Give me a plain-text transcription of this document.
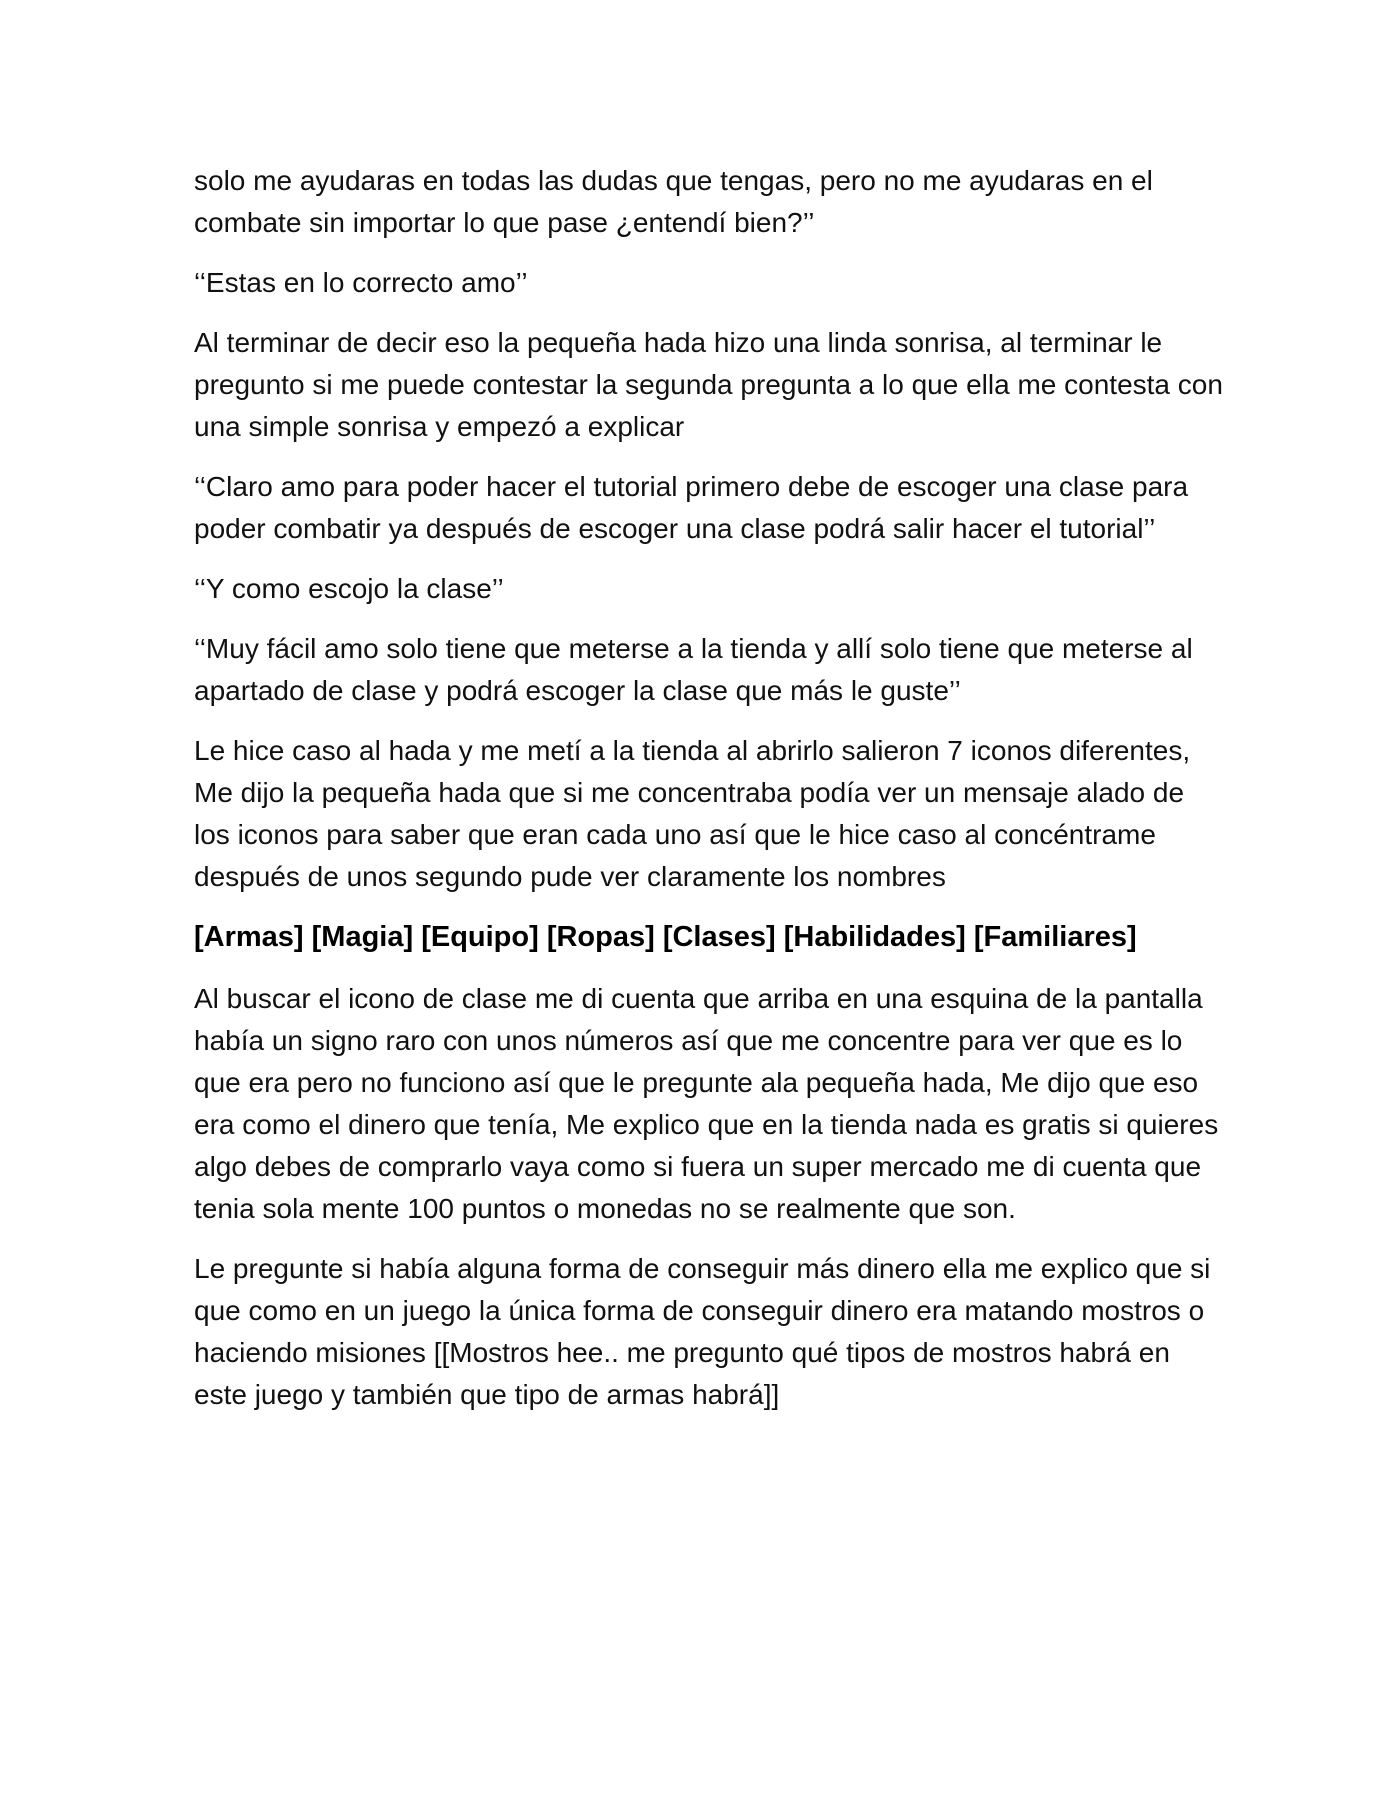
solo me ayudaras en todas las dudas que tengas, pero no me ayudaras en el combate sin importar lo que pase ¿entendí bien?’’

‘‘Estas en lo correcto amo’’

Al terminar de decir eso la pequeña hada hizo una linda sonrisa, al terminar le pregunto si me puede contestar la segunda pregunta a lo que ella me contesta con una simple sonrisa y empezó a explicar

‘‘Claro amo para poder hacer el tutorial primero debe de escoger una clase para poder combatir ya después de escoger una clase podrá salir hacer el tutorial’’

‘‘Y como escojo la clase’’

‘‘Muy fácil amo solo tiene que meterse a la tienda y allí solo tiene que meterse al apartado de clase y podrá escoger la clase que más le guste’’

Le hice caso al hada y me metí a la tienda al abrirlo salieron 7 iconos diferentes, Me dijo la pequeña hada que si me concentraba podía ver un mensaje alado de los iconos para saber que eran cada uno así que le hice caso al concéntrame después de unos segundo pude ver claramente los nombres

[Armas] [Magia] [Equipo] [Ropas] [Clases] [Habilidades] [Familiares]

Al buscar el icono de clase me di cuenta que arriba en una esquina de la pantalla había un signo raro con unos números así que me concentre para ver que es lo que era pero no funciono así que le pregunte ala pequeña hada, Me dijo que eso era como el dinero que tenía, Me explico que en la tienda nada es gratis si quieres algo debes de comprarlo vaya como si fuera un super mercado me di cuenta que tenia sola mente 100 puntos o monedas no se realmente que son.

Le pregunte si había alguna forma de conseguir más dinero ella me explico que si que como en un juego la única forma de conseguir dinero era matando mostros o haciendo misiones [[Mostros hee.. me pregunto qué tipos de mostros habrá en este juego y también que tipo de armas habrá]]
